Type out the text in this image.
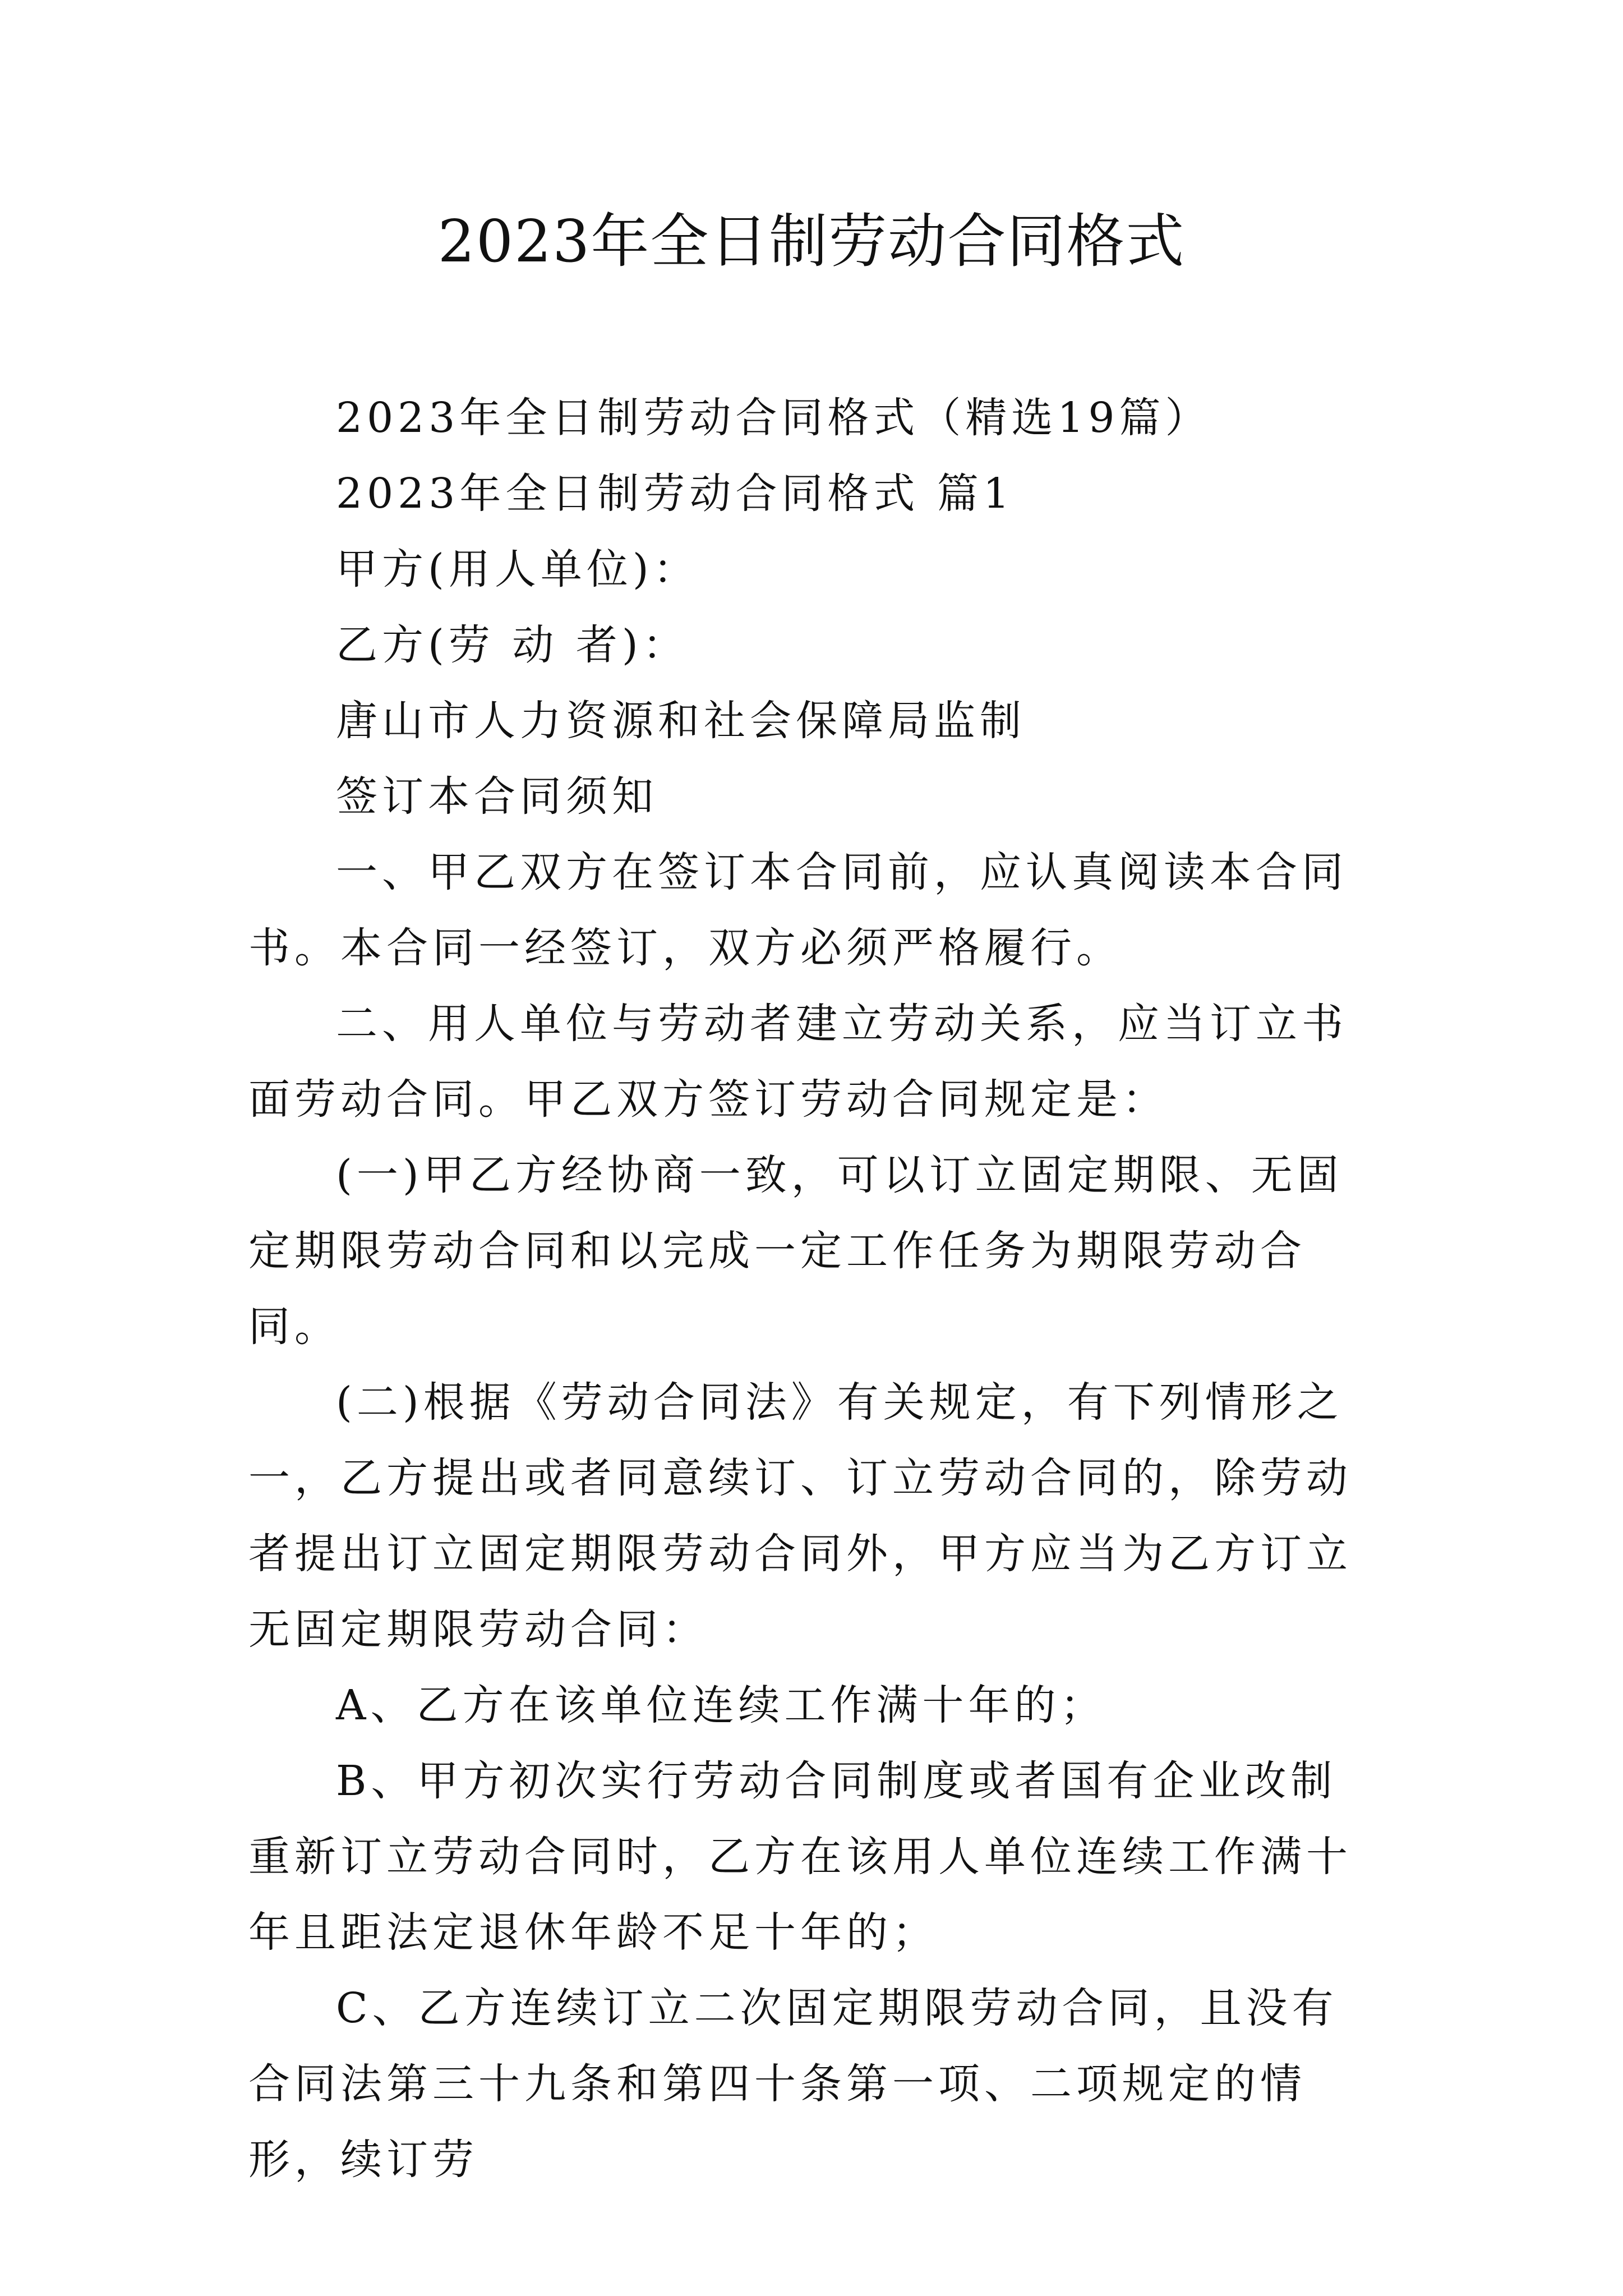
2023年全日制劳动合同格式

2023年全日制劳动合同格式（精选19篇）

2023年全日制劳动合同格式 篇1

甲方(用人单位)：

乙方(劳 动 者)：

唐山市人力资源和社会保障局监制

签订本合同须知

一、甲乙双方在签订本合同前，应认真阅读本合同书。本合同一经签订，双方必须严格履行。

二、用人单位与劳动者建立劳动关系，应当订立书面劳动合同。甲乙双方签订劳动合同规定是：

(一)甲乙方经协商一致，可以订立固定期限、无固定期限劳动合同和以完成一定工作任务为期限劳动合同。

(二)根据《劳动合同法》有关规定，有下列情形之一，乙方提出或者同意续订、订立劳动合同的，除劳动者提出订立固定期限劳动合同外，甲方应当为乙方订立无固定期限劳动合同：

A、乙方在该单位连续工作满十年的；

B、甲方初次实行劳动合同制度或者国有企业改制重新订立劳动合同时，乙方在该用人单位连续工作满十年且距法定退休年龄不足十年的；

C、乙方连续订立二次固定期限劳动合同，且没有合同法第三十九条和第四十条第一项、二项规定的情形，续订劳
